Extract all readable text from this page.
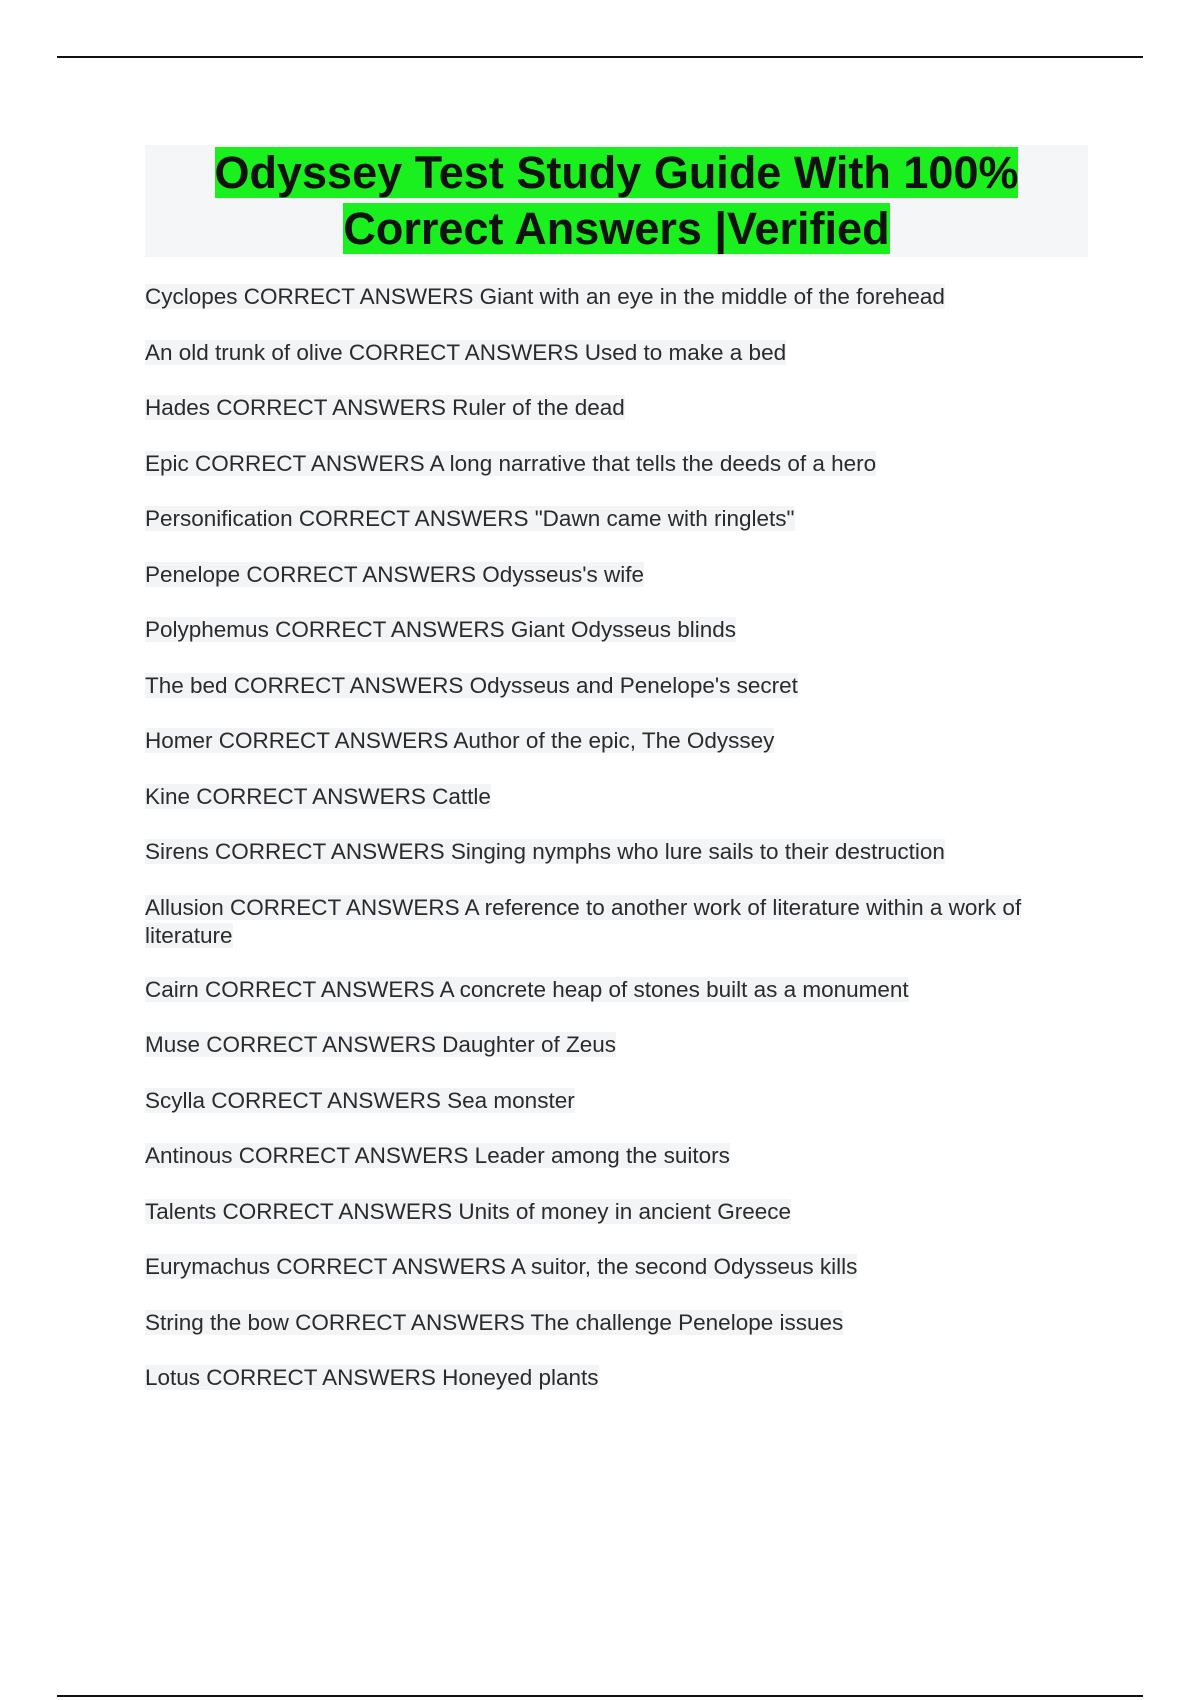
Odyssey Test Study Guide With 100% Correct Answers |Verified
Cyclopes CORRECT ANSWERS Giant with an eye in the middle of the forehead
An old trunk of olive CORRECT ANSWERS Used to make a bed
Hades CORRECT ANSWERS Ruler of the dead
Epic CORRECT ANSWERS A long narrative that tells the deeds of a hero
Personification CORRECT ANSWERS "Dawn came with ringlets"
Penelope CORRECT ANSWERS Odysseus's wife
Polyphemus CORRECT ANSWERS Giant Odysseus blinds
The bed CORRECT ANSWERS Odysseus and Penelope's secret
Homer CORRECT ANSWERS Author of the epic, The Odyssey
Kine CORRECT ANSWERS Cattle
Sirens CORRECT ANSWERS Singing nymphs who lure sails to their destruction
Allusion CORRECT ANSWERS A reference to another work of literature within a work of literature
Cairn CORRECT ANSWERS A concrete heap of stones built as a monument
Muse CORRECT ANSWERS Daughter of Zeus
Scylla CORRECT ANSWERS Sea monster
Antinous CORRECT ANSWERS Leader among the suitors
Talents CORRECT ANSWERS Units of money in ancient Greece
Eurymachus CORRECT ANSWERS A suitor, the second Odysseus kills
String the bow CORRECT ANSWERS The challenge Penelope issues
Lotus CORRECT ANSWERS Honeyed plants
